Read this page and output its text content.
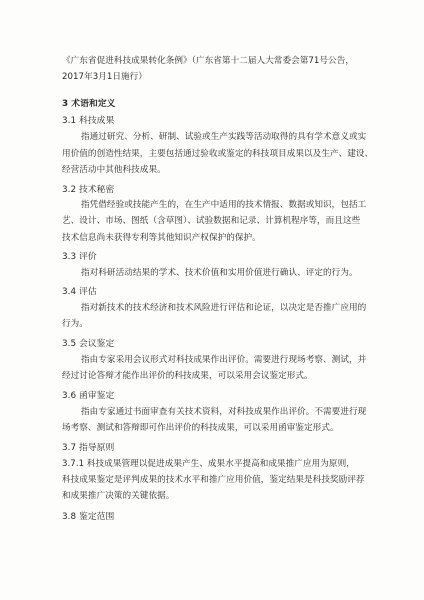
《广东省促进科技成果转化条例》（广东省第十二届人大常委会第71号公告，
2017年3月1日施行）
3 术语和定义
3.1 科技成果
指通过研究、分析、研制、试验或生产实践等活动取得的具有学术意义或实
用价值的创造性结果，主要包括通过验收或鉴定的科技项目成果以及生产、建设、
经营活动中其他科技成果。
3.2 技术秘密
指凭借经验或技能产生的，在生产中适用的技术情报、数据或知识，包括工
艺、设计、市场、图纸（含草图）、试验数据和记录、计算机程序等，而且这些
技术信息尚未获得专利等其他知识产权保护的保护。
3.3 评价
指对科研活动结果的学术、技术价值和实用价值进行确认、评定的行为。
3.4 评估
指对新技术的技术经济和技术风险进行评估和论证，以决定是否推广应用的
行为。
3.5 会议鉴定
指由专家采用会议形式对科技成果作出评价。需要进行现场考察、测试，并
经过讨论答辩才能作出评价的科技成果，可以采用会议鉴定形式。
3.6 函审鉴定
指由专家通过书面审查有关技术资料，对科技成果作出评价。不需要进行现
场考察、测试和答辩即可作出评价的科技成果，可以采用函审鉴定形式。
3.7 指导原则
3.7.1 科技成果管理以促进成果产生、成果水平提高和成果推广应用为原则，
科技成果鉴定是评判成果的技术水平和推广应用价值，鉴定结果是科技奖励评荐
和成果推广决策的关键依据。
3.8 鉴定范围
